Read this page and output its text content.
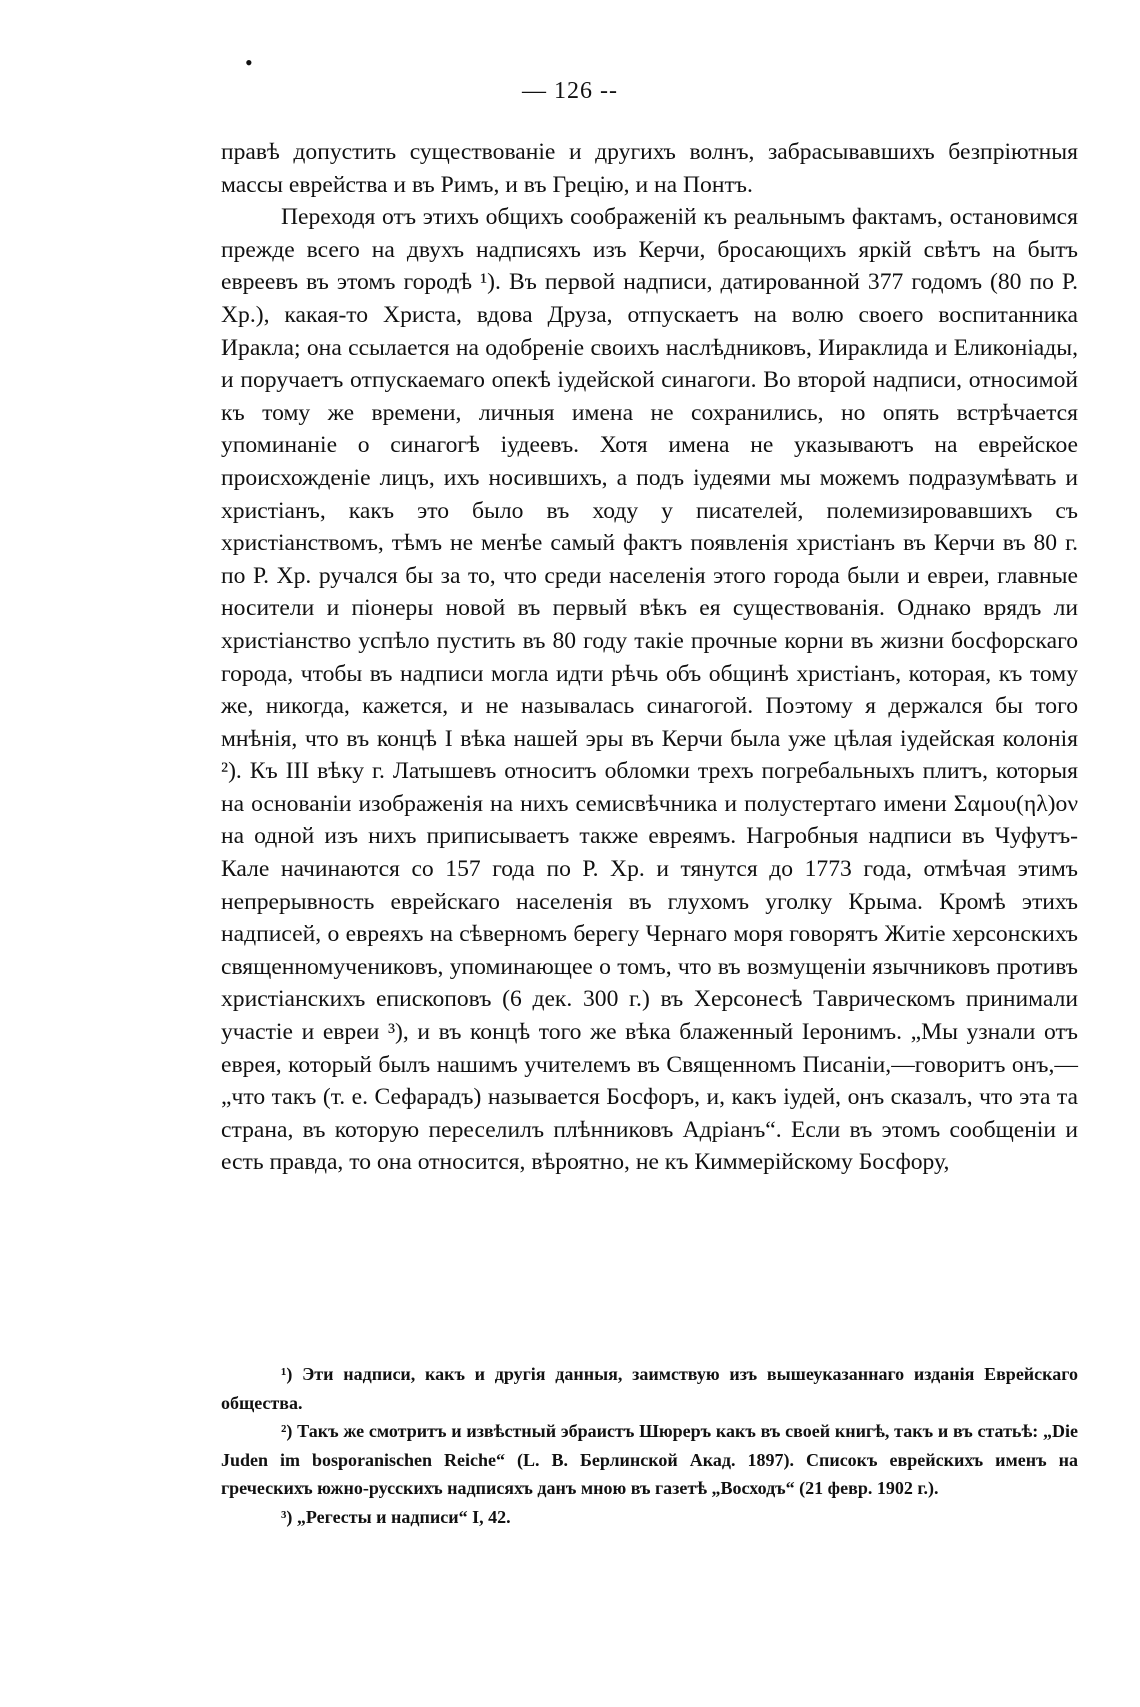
•
— 126 --

правѣ допустить существованіе и другихъ волнъ, забрасывавшихъ безпріютныя массы еврейства и въ Римъ, и въ Грецію, и на Понтъ.

Переходя отъ этихъ общихъ соображеній къ реальнымъ фактамъ, остановимся прежде всего на двухъ надписяхъ изъ Керчи, бросающихъ яркій свѣтъ на бытъ евреевъ въ этомъ городѣ ¹). Въ первой надписи, датированной 377 годомъ (80 по Р. Хр.), какая-то Христа, вдова Друза, отпускаетъ на волю своего воспитанника Иракла; она ссылается на одобреніе своихъ наслѣдниковъ, Иираклида и Еликоніады, и поручаетъ отпускаемаго опекѣ іудейской синагоги. Во второй надписи, относимой къ тому же времени, личныя имена не сохранились, но опять встрѣчается упоминаніе о синагогѣ іудеевъ. Хотя имена не указываютъ на еврейское происхожденіе лицъ, ихъ носившихъ, а подъ іудеями мы можемъ подразумѣвать и христіанъ, какъ это было въ ходу у писателей, полемизировавшихъ съ христіанствомъ, тѣмъ не менѣе самый фактъ появленія христіанъ въ Керчи въ 80 г. по Р. Хр. ручался бы за то, что среди населенія этого города были и евреи, главные носители и піонеры новой въ первый вѣкъ ея существованія. Однако врядъ ли христіанство успѣло пустить въ 80 году такіе прочные корни въ жизни босфорскаго города, чтобы въ надписи могла идти рѣчь объ общинѣ христіанъ, которая, къ тому же, никогда, кажется, и не называлась синагогой. Поэтому я держался бы того мнѣнія, что въ концѣ I вѣка нашей эры въ Керчи была уже цѣлая іудейская колонія ²). Къ III вѣку г. Латышевъ относитъ обломки трехъ погребальныхъ плитъ, которыя на основаніи изображенія на нихъ семисвѣчника и полустертаго имени Σαμου(ηλ)ον на одной изъ нихъ приписываетъ также евреямъ. Нагробныя надписи въ Чуфутъ-Кале начинаются со 157 года по Р. Хр. и тянутся до 1773 года, отмѣчая этимъ непрерывность еврейскаго населенія въ глухомъ уголку Крыма. Кромѣ этихъ надписей, о евреяхъ на сѣверномъ берегу Чернаго моря говорятъ Житіе херсонскихъ священномучениковъ, упоминающее о томъ, что въ возмущеніи язычниковъ противъ христіанскихъ епископовъ (6 дек. 300 г.) въ Херсонесѣ Таврическомъ принимали участіе и евреи ³), и въ концѣ того же вѣка блаженный Іеронимъ. „Мы узнали отъ еврея, который былъ нашимъ учителемъ въ Священномъ Писаніи,—говоритъ онъ,—„что такъ (т. е. Сефарадъ) называется Босфоръ, и, какъ іудей, онъ сказалъ, что эта та страна, въ которую переселилъ плѣнниковъ Адріанъ“. Если въ этомъ сообщеніи и есть правда, то она относится, вѣроятно, не къ Киммерійскому Босфору,

¹) Эти надписи, какъ и другія данныя, заимствую изъ вышеуказаннаго изданія Еврейскаго общества.

²) Такъ же смотритъ и извѣстный эбраистъ Шюреръ какъ въ своей книгѣ, такъ и въ статьѣ: „Die Juden im bosporanischen Reiche“ (L. B. Берлинской Акад. 1897). Списокъ еврейскихъ именъ на греческихъ южно-русскихъ надписяхъ данъ мною въ газетѣ „Восходъ“ (21 февр. 1902 г.).

³) „Регесты и надписи“ I, 42.
